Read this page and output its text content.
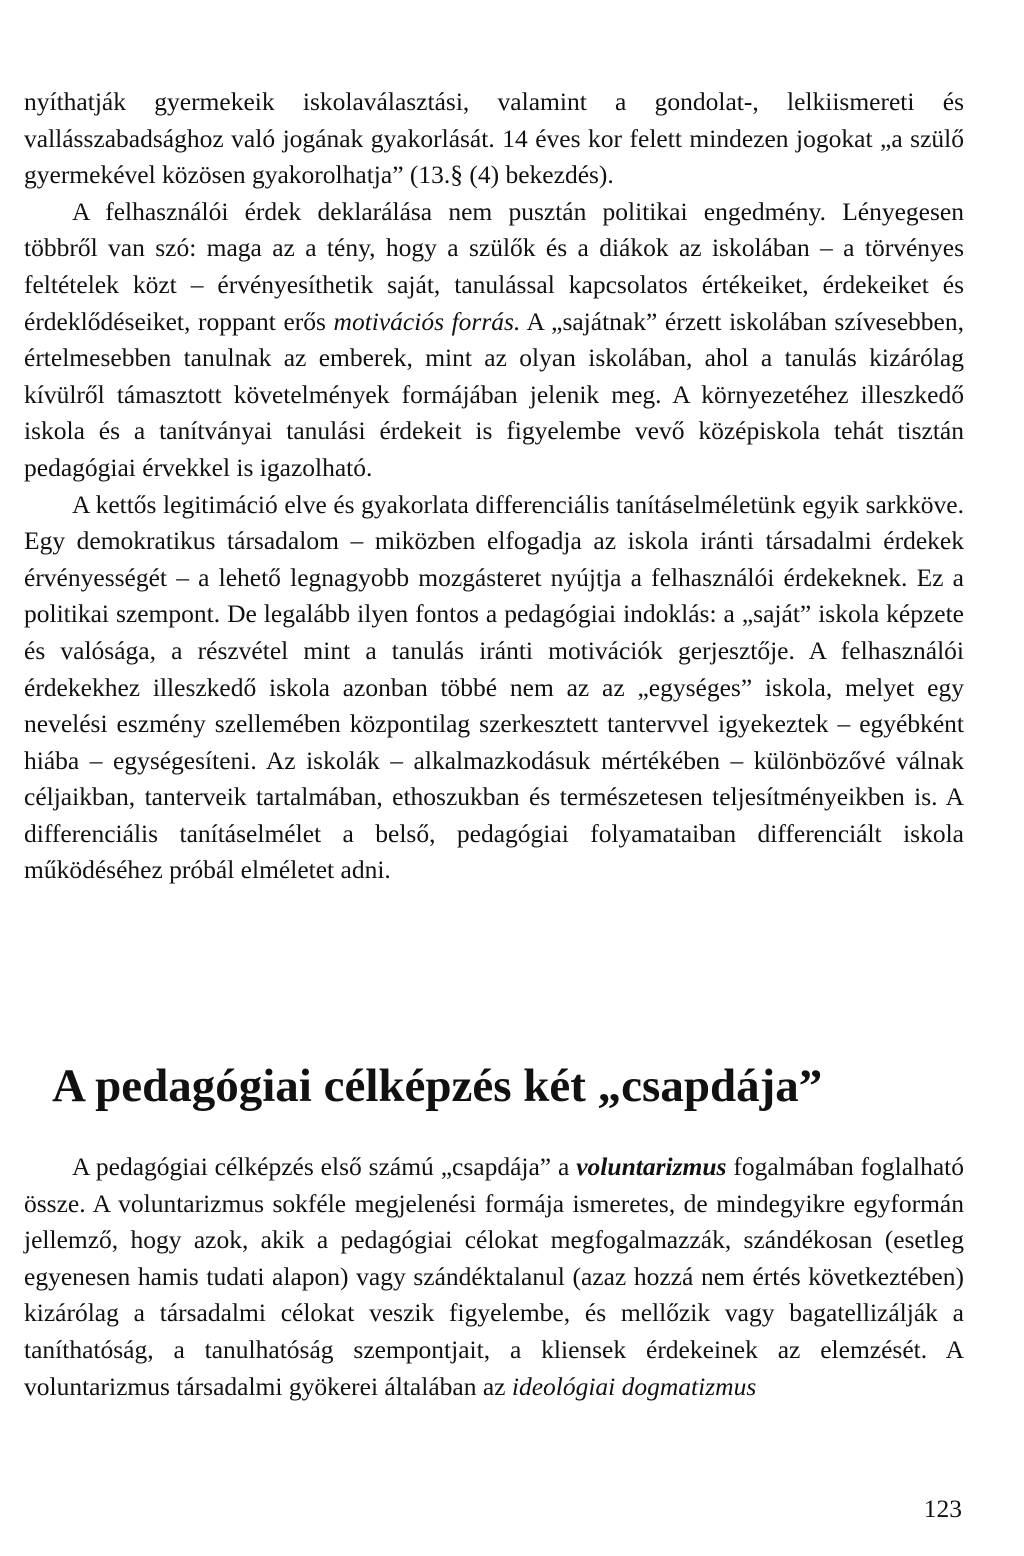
nyíthatják gyermekeik iskolaválasztási, valamint a gondolat-, lelkiismereti és vallásszabadsághoz való jogának gyakorlását. 14 éves kor felett mindezen jogokat „a szülő gyermekével közösen gyakorolhatja” (13.§ (4) bekezdés).

A felhasználói érdek deklarálása nem pusztán politikai engedmény. Lényegesen többről van szó: maga az a tény, hogy a szülők és a diákok az iskolában – a törvényes feltételek közt – érvényesíthetik saját, tanulással kapcsolatos értékeiket, érdekeiket és érdeklődéseiket, roppant erős motivációs forrás. A „sajátnak” érzett iskolában szívesebben, értelmesebben tanulnak az emberek, mint az olyan iskolában, ahol a tanulás kizárólag kívülről támasztott követelmények formájában jelenik meg. A környezetéhez illeszkedő iskola és a tanítványai tanulási érdekeit is figyelembe vevő középiskola tehát tisztán pedagógiai érvekkel is igazolható.

A kettős legitimáció elve és gyakorlata differenciális tanításelméletünk egyik sarkköve. Egy demokratikus társadalom – miközben elfogadja az iskola iránti társadalmi érdekek érvényességét – a lehető legnagyobb mozgásteret nyújtja a felhasználói érdekeknek. Ez a politikai szempont. De legalább ilyen fontos a pedagógiai indoklás: a „saját” iskola képzete és valósága, a részvétel mint a tanulás iránti motivációk gerjesztője. A felhasználói érdekekhez illeszkedő iskola azonban többé nem az az „egységes” iskola, melyet egy nevelési eszmény szellemében központilag szerkesztett tantervvel igyekeztek – egyébként hiába – egységesíteni. Az iskolák – alkalmazkodásuk mértékében – különbözővé válnak céljaikban, tanterveik tartalmában, ethoszukban és természetesen teljesítményeikben is. A differenciális tanításelmélet a belső, pedagógiai folyamataiban differenciált iskola működéséhez próbál elméletet adni.

A pedagógiai célképzés két „csapdája”

A pedagógiai célképzés első számú „csapdája” a voluntarizmus fogalmában foglalható össze. A voluntarizmus sokféle megjelenési formája ismeretes, de mindegyikre egyformán jellemző, hogy azok, akik a pedagógiai célokat megfogalmazzák, szándékosan (esetleg egyenesen hamis tudati alapon) vagy szándéktalanul (azaz hozzá nem értés következtében) kizárólag a társadalmi célokat veszik figyelembe, és mellőzik vagy bagatellizálják a taníthatóság, a tanulhatóság szempontjait, a kliensek érdekeinek az elemzését. A voluntarizmus társadalmi gyökerei általában az ideológiai dogmatizmus

123
